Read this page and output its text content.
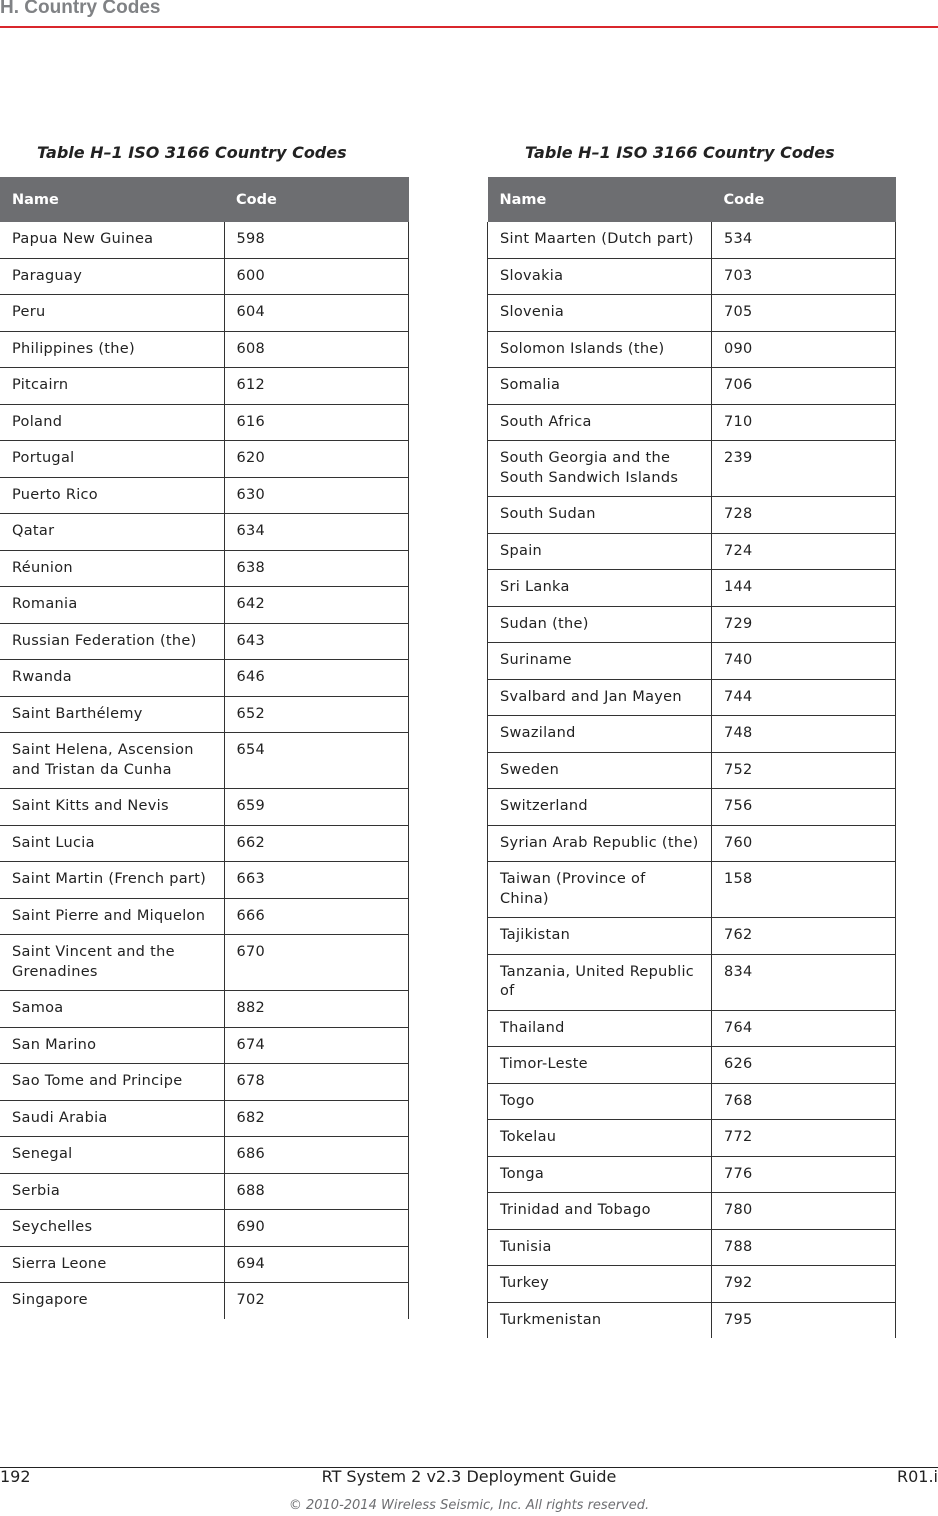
H. Country Codes
Table H–1 ISO 3166 Country Codes	Table H–1 ISO 3166 Country Codes
Name	Code
Papua New Guinea	598
Paraguay	600
Peru	604
Philippines (the)	608
Pitcairn	612
Poland	616
Portugal	620
Puerto Rico	630
Qatar	634
Réunion	638
Romania	642
Russian Federation (the)	643
Rwanda	646
Saint Barthélemy	652
Saint Helena, Ascension and Tristan da Cunha	654
Saint Kitts and Nevis	659
Saint Lucia	662
Saint Martin (French part)	663
Saint Pierre and Miquelon	666
Saint Vincent and the Grenadines	670
Samoa	882
San Marino	674
Sao Tome and Principe	678
Saudi Arabia	682
Senegal	686
Serbia	688
Seychelles	690
Sierra Leone	694
Singapore	702
Name	Code
Sint Maarten (Dutch part)	534
Slovakia	703
Slovenia	705
Solomon Islands (the)	090
Somalia	706
South Africa	710
South Georgia and the South Sandwich Islands	239
South Sudan	728
Spain	724
Sri Lanka	144
Sudan (the)	729
Suriname	740
Svalbard and Jan Mayen	744
Swaziland	748
Sweden	752
Switzerland	756
Syrian Arab Republic (the)	760
Taiwan (Province of China)	158
Tajikistan	762
Tanzania, United Republic of	834
Thailand	764
Timor-Leste	626
Togo	768
Tokelau	772
Tonga	776
Trinidad and Tobago	780
Tunisia	788
Turkey	792
Turkmenistan	795
192	RT System 2 v2.3 Deployment Guide	R01.i
© 2010-2014 Wireless Seismic, Inc. All rights reserved.
